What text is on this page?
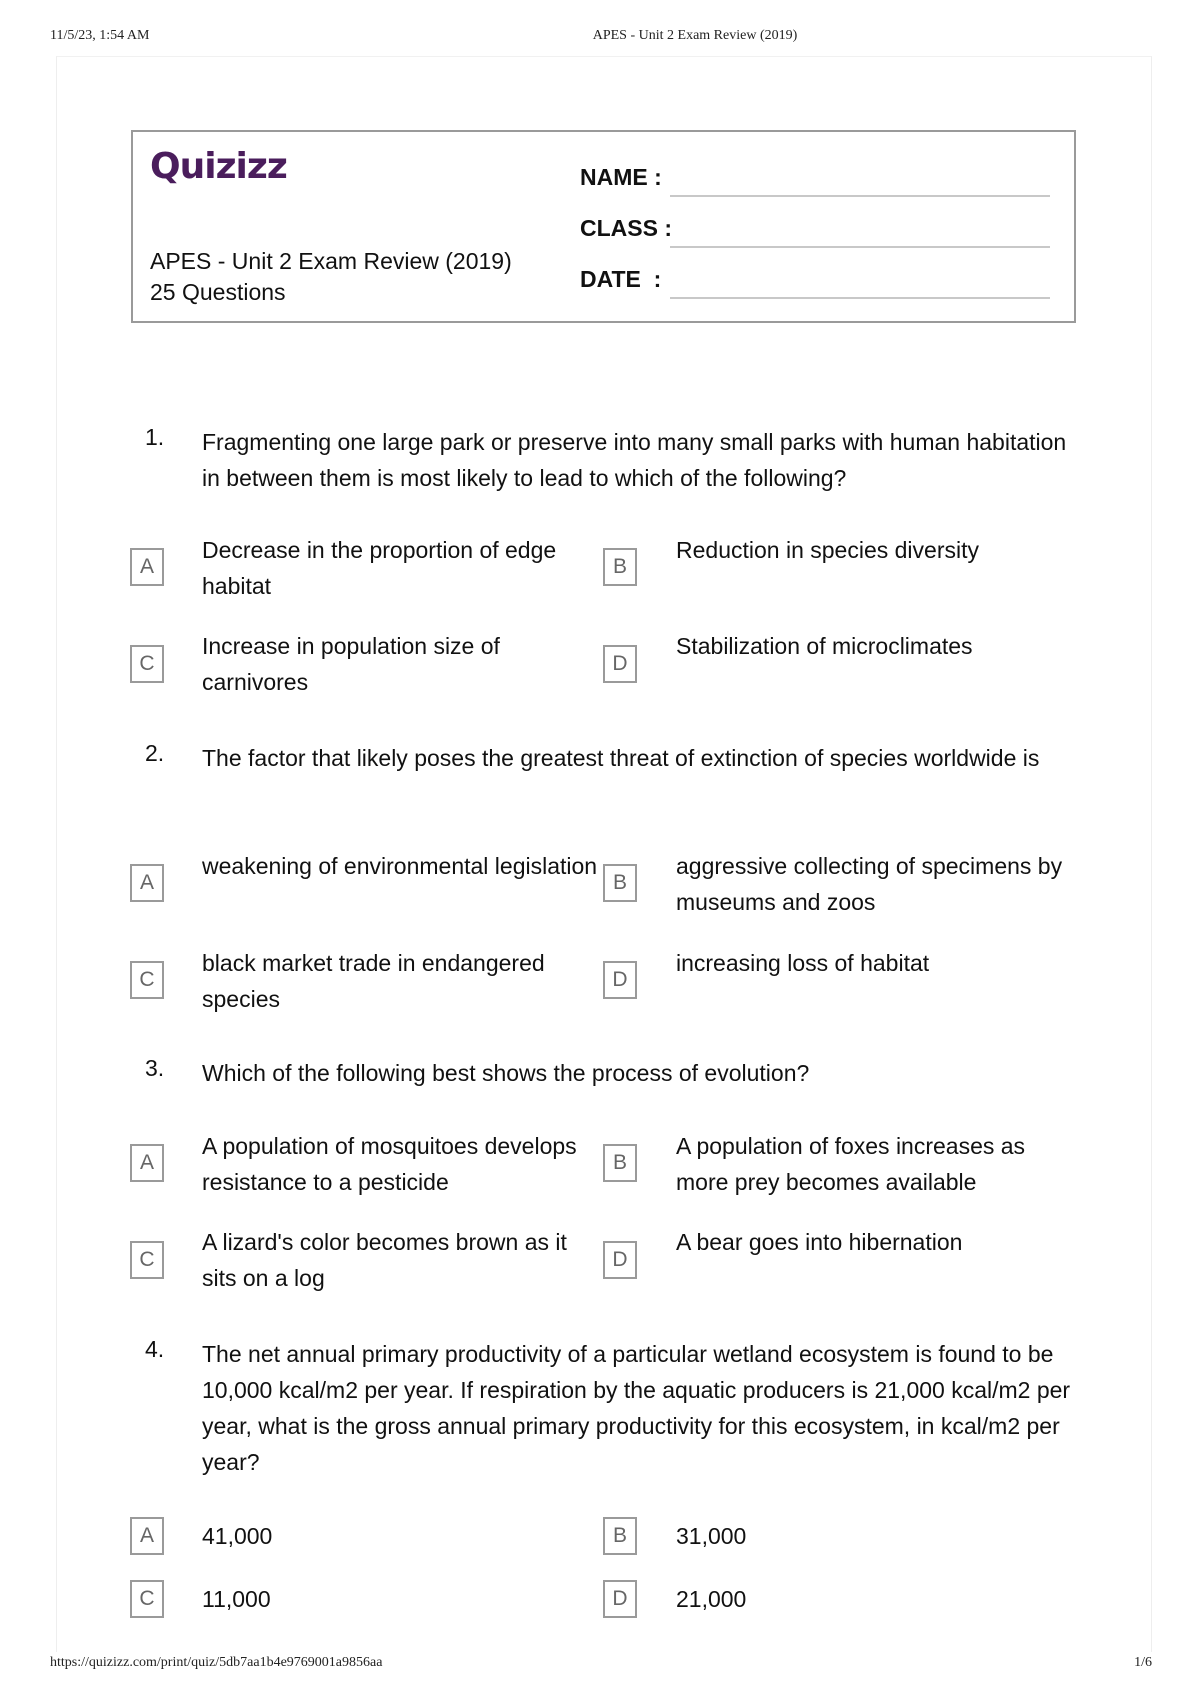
11/5/23, 1:54 AM	APES - Unit 2 Exam Review (2019)
https://quizizz.com/print/quiz/5db7aa1b4e9769001a9856aa	1/6
Quizizz
APES - Unit 2 Exam Review (2019)
25 Questions
NAME :
CLASS :
DATE  :
1. Fragmenting one large park or preserve into many small parks with human habitation in between them is most likely to lead to which of the following?
A
Decrease in the proportion of edge habitat
B
Reduction in species diversity
C
Increase in population size of carnivores
D
Stabilization of microclimates
2. The factor that likely poses the greatest threat of extinction of species worldwide is
A
weakening of environmental legislation
B
aggressive collecting of specimens by museums and zoos
C
black market trade in endangered species
D
increasing loss of habitat
3. Which of the following best shows the process of evolution?
A
A population of mosquitoes develops resistance to a pesticide
B
A population of foxes increases as more prey becomes available
C
A lizard's color becomes brown as it sits on a log
D
A bear goes into hibernation
4. The net annual primary productivity of a particular wetland ecosystem is found to be 10,000 kcal/m2 per year. If respiration by the aquatic producers is 21,000 kcal/m2 per year, what is the gross annual primary productivity for this ecosystem, in kcal/m2 per year?
A	41,000	B	31,000
C	11,000	D	21,000
